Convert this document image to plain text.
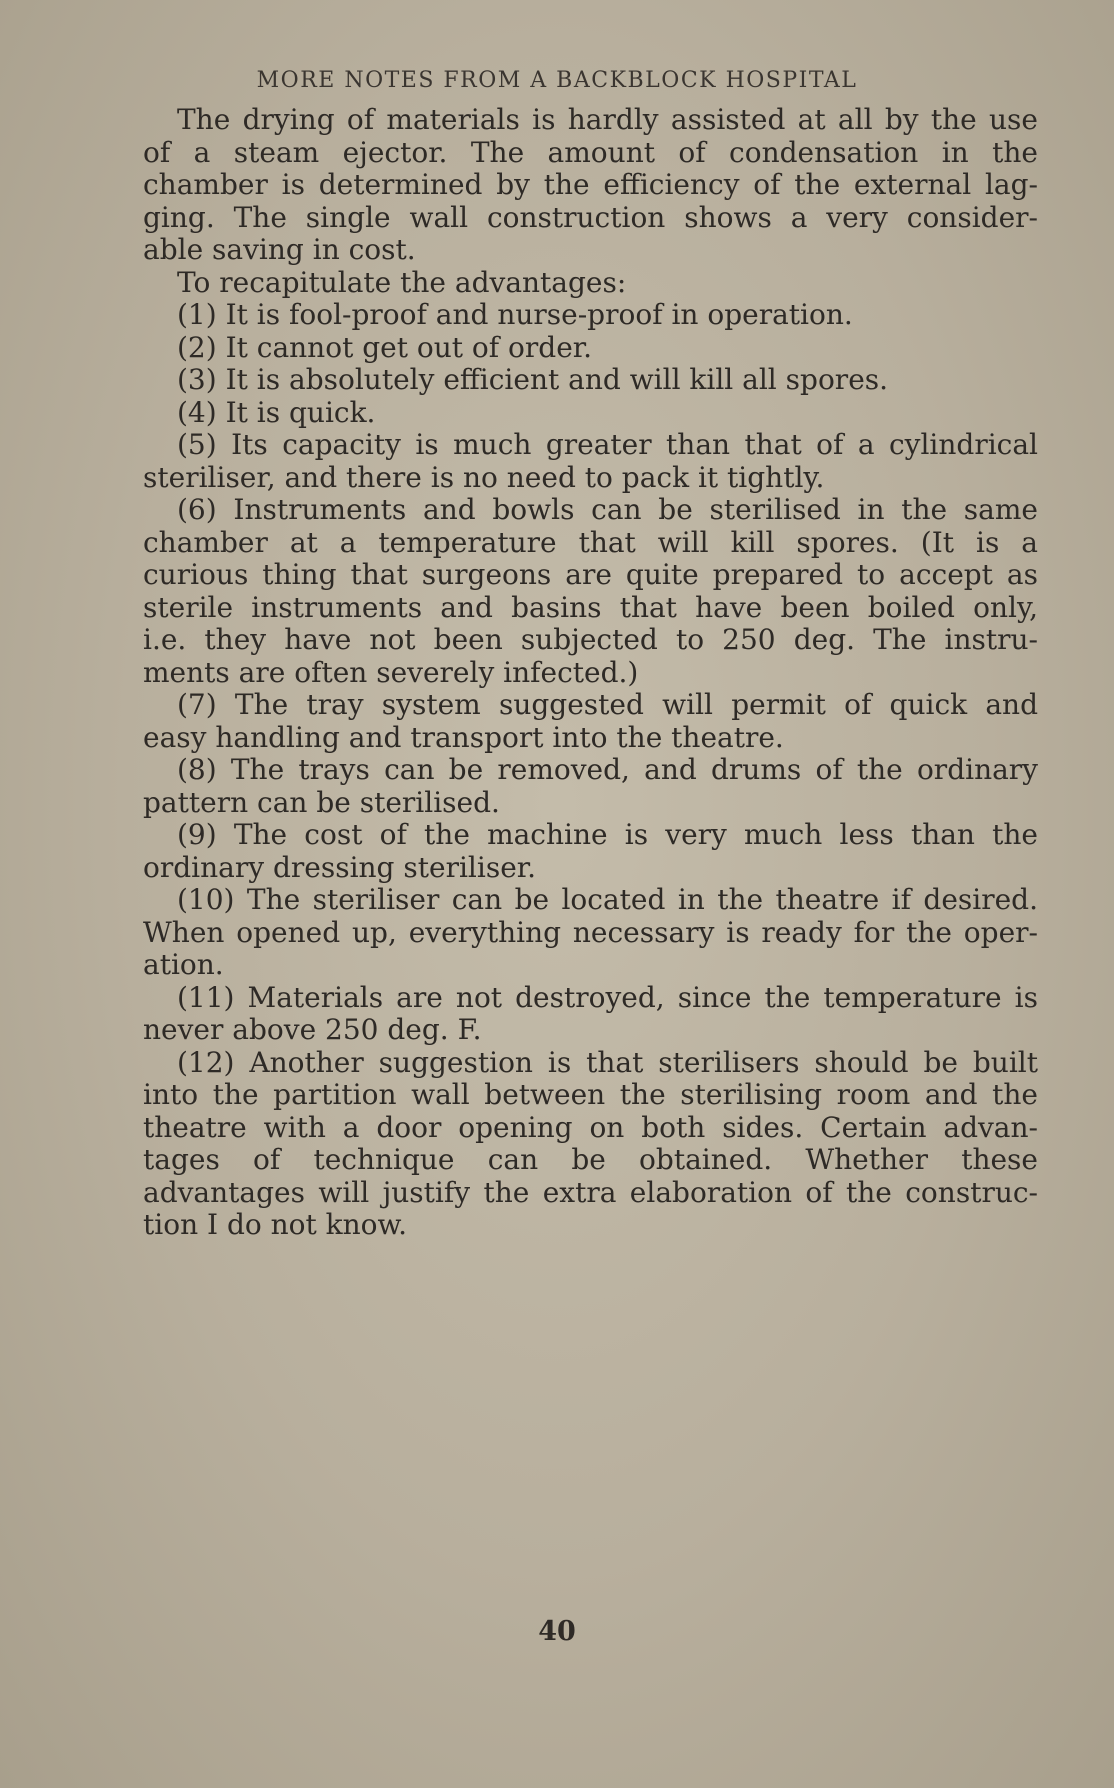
MORE NOTES FROM A BACKBLOCK HOSPITAL
The drying of materials is hardly assisted at all by the use
of a steam ejector. The amount of condensation in the
chamber is determined by the efficiency of the external lag-
ging. The single wall construction shows a very consider-
able saving in cost.
To recapitulate the advantages:
(1) It is fool-proof and nurse-proof in operation.
(2) It cannot get out of order.
(3) It is absolutely efficient and will kill all spores.
(4) It is quick.
(5) Its capacity is much greater than that of a cylindrical
steriliser, and there is no need to pack it tightly.
(6) Instruments and bowls can be sterilised in the same
chamber at a temperature that will kill spores. (It is a
curious thing that surgeons are quite prepared to accept as
sterile instruments and basins that have been boiled only,
i.e. they have not been subjected to 250 deg. The instru-
ments are often severely infected.)
(7) The tray system suggested will permit of quick and
easy handling and transport into the theatre.
(8) The trays can be removed, and drums of the ordinary
pattern can be sterilised.
(9) The cost of the machine is very much less than the
ordinary dressing steriliser.
(10) The steriliser can be located in the theatre if desired.
When opened up, everything necessary is ready for the oper-
ation.
(11) Materials are not destroyed, since the temperature is
never above 250 deg. F.
(12) Another suggestion is that sterilisers should be built
into the partition wall between the sterilising room and the
theatre with a door opening on both sides. Certain advan-
tages of technique can be obtained. Whether these
advantages will justify the extra elaboration of the construc-
tion I do not know.
40
